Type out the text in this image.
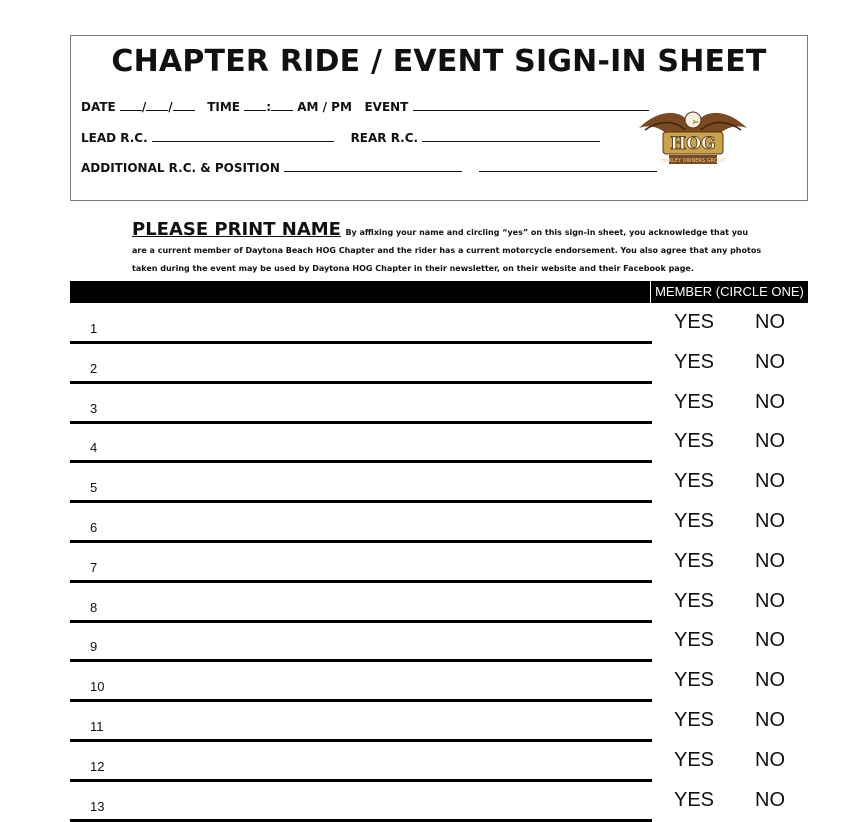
CHAPTER RIDE / EVENT SIGN-IN SHEET
DATE / /	TIME : AM / PM EVENT
LEAD R.C.	REAR R.C.
ADDITIONAL R.C. & POSITION
HOG
HARLEY OWNERS GROUP
PLEASE PRINT NAME By affixing your name and circling “yes” on this sign-in sheet, you acknowledge that you are a current member of Daytona Beach HOG Chapter and the rider has a current motorcycle endorsement. You also agree that any photos taken during the event may be used by Daytona HOG Chapter in their newsletter, on their website and their Facebook page.
MEMBER (CIRCLE ONE)
1	YES NO
2	YES NO
3	YES NO
4	YES NO
5	YES NO
6	YES NO
7	YES NO
8	YES NO
9	YES NO
10	YES NO
11	YES NO
12	YES NO
13	YES NO
